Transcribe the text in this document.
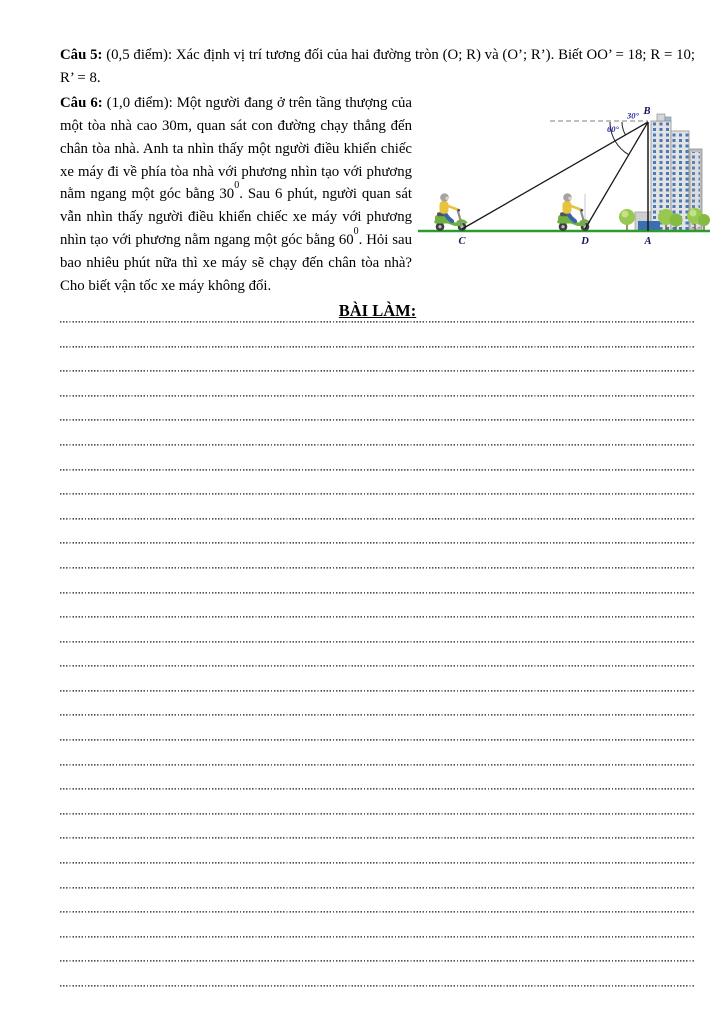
Câu 5: (0,5 điểm): Xác định vị trí tương đối của hai đường tròn (O; R) và (O’; R’). Biết OO’ = 18; R = 10; R’ = 8.

30°
60°
B
C	D	A

Câu 6: (1,0 điểm): Một người đang ở trên tầng thượng của một tòa nhà cao 30m, quan sát con đường chạy thẳng đến chân tòa nhà. Anh ta nhìn thấy một người điều khiển chiếc xe máy đi về phía tòa nhà với phương nhìn tạo với phương nằm ngang một góc bằng $30^0$. Sau 6 phút, người quan sát vẫn nhìn thấy người điều khiển chiếc xe máy với phương nhìn tạo với phương nằm ngang một góc bằng $60^0$. Hỏi sau bao nhiêu phút nữa thì xe máy sẽ chạy đến chân tòa nhà? Cho biết vận tốc xe máy không đổi.

BÀI LÀM:
